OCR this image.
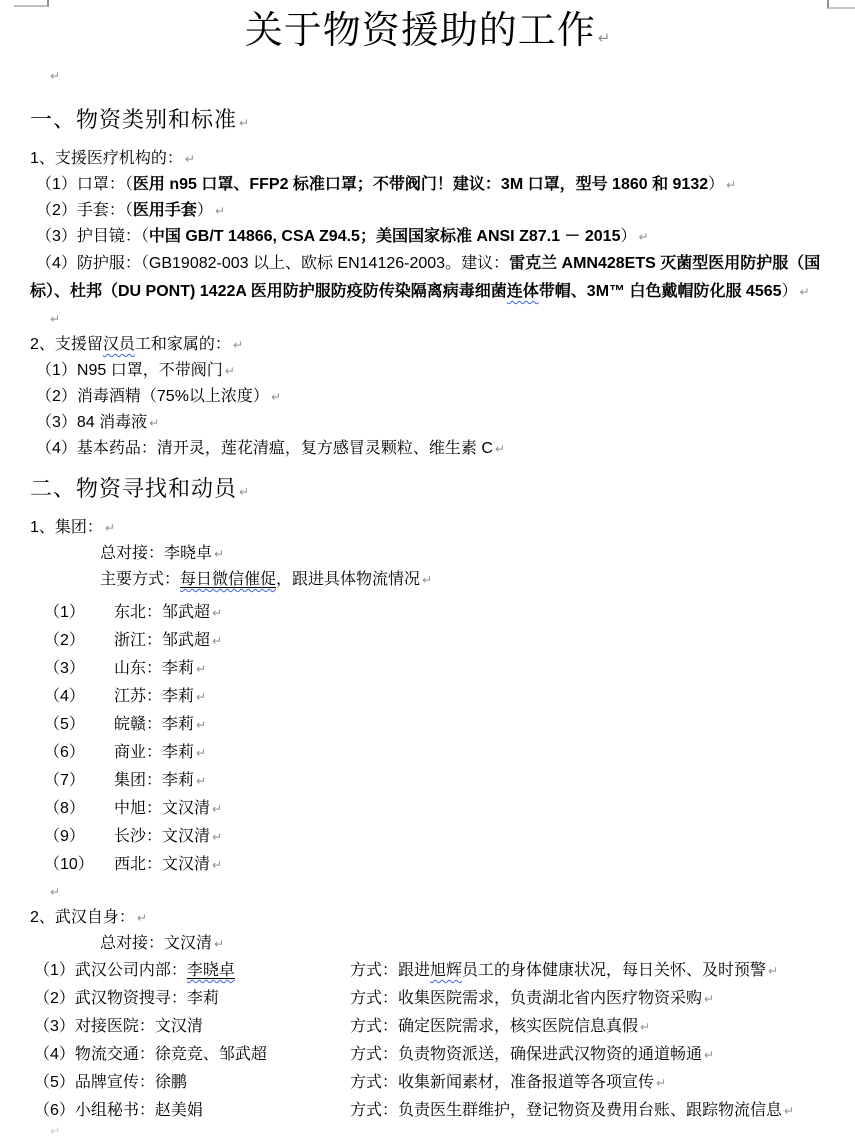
关于物资援助的工作 ↵
↵
一、物资类别和标准 ↵
1、支援医疗机构的： ↵
（1）口罩：（医用 n95 口罩、FFP2 标准口罩；不带阀门！建议：3M 口罩，型号 1860 和 9132） ↵
（2）手套：（医用手套） ↵
（3）护目镜：（中国 GB/T 14866, CSA Z94.5；美国国家标准 ANSI Z87.1 － 2015） ↵
（4）防护服：（GB19082-003 以上、欧标 EN14126-2003。建议：雷克兰 AMN428ETS 灭菌型医用防护服（国标）、杜邦（DU PONT) 1422A 医用防护服防疫防传染隔离病毒细菌连体带帽、3M™ 白色戴帽防化服 4565） ↵
↵
2、支援留汉员工和家属的： ↵
（1）N95 口罩，不带阀门 ↵
（2）消毒酒精（75%以上浓度） ↵
（3）84 消毒液 ↵
（4）基本药品：清开灵，莲花清瘟，复方感冒灵颗粒、维生素 C ↵
二、物资寻找和动员 ↵
1、集团： ↵
总对接：李晓卓 ↵
主要方式：每日微信催促，跟进具体物流情况 ↵
（1） 东北：邹武超 ↵
（2） 浙江：邹武超 ↵
（3） 山东：李莉 ↵
（4） 江苏：李莉 ↵
（5） 皖赣：李莉 ↵
（6） 商业：李莉 ↵
（7） 集团：李莉 ↵
（8） 中旭：文汉清 ↵
（9） 长沙：文汉清 ↵
（10） 西北：文汉清 ↵
↵
2、武汉自身： ↵
总对接：文汉清 ↵
（1）武汉公司内部：李晓卓	方式：跟进旭辉员工的身体健康状况，每日关怀、及时预警 ↵
（2）武汉物资搜寻：李莉	方式：收集医院需求，负责湖北省内医疗物资采购 ↵
（3）对接医院：文汉清	方式：确定医院需求，核实医院信息真假 ↵
（4）物流交通：徐竞竞、邹武超	方式：负责物资派送，确保进武汉物资的通道畅通 ↵
（5）品牌宣传：徐鹏	方式：收集新闻素材，准备报道等各项宣传 ↵
（6）小组秘书：赵美娟	方式：负责医生群维护，登记物资及费用台账、跟踪物流信息 ↵
↵
